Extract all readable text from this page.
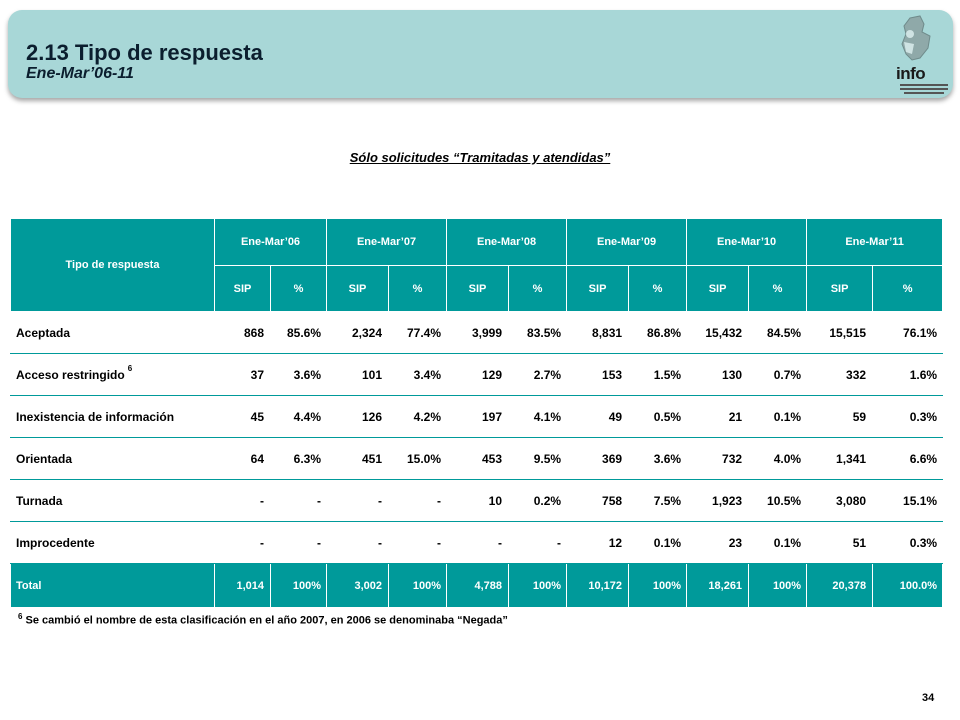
2.13 Tipo de respuesta
Ene-Mar’06-11	info
Sólo solicitudes “Tramitadas y atendidas”
Tipo de respuesta	Ene-Mar’06		Ene-Mar’07		Ene-Mar’08		Ene-Mar’09		Ene-Mar’10		Ene-Mar’11	
	SIP	%	SIP	%	SIP	%	SIP	%	SIP	%	SIP	%
Aceptada	868	85.6%	2,324	77.4%	3,999	83.5%	8,831	86.8%	15,432	84.5%	15,515	76.1%
Acceso restringido $^6$	37	3.6%	101	3.4%	129	2.7%	153	1.5%	130	0.7%	332	1.6%
Inexistencia de información	45	4.4%	126	4.2%	197	4.1%	49	0.5%	21	0.1%	59	0.3%
Orientada	64	6.3%	451	15.0%	453	9.5%	369	3.6%	732	4.0%	1,341	6.6%
Turnada	-	-	-	-	10	0.2%	758	7.5%	1,923	10.5%	3,080	15.1%
Improcedente	-	-	-	-	-	-	12	0.1%	23	0.1%	51	0.3%
Total	1,014	100%	3,002	100%	4,788	100%	10,172	100%	18,261	100%	20,378	100.0%
$^6$ Se cambió el nombre de esta clasificación en el año 2007, en 2006 se denominaba “Negada”
34
